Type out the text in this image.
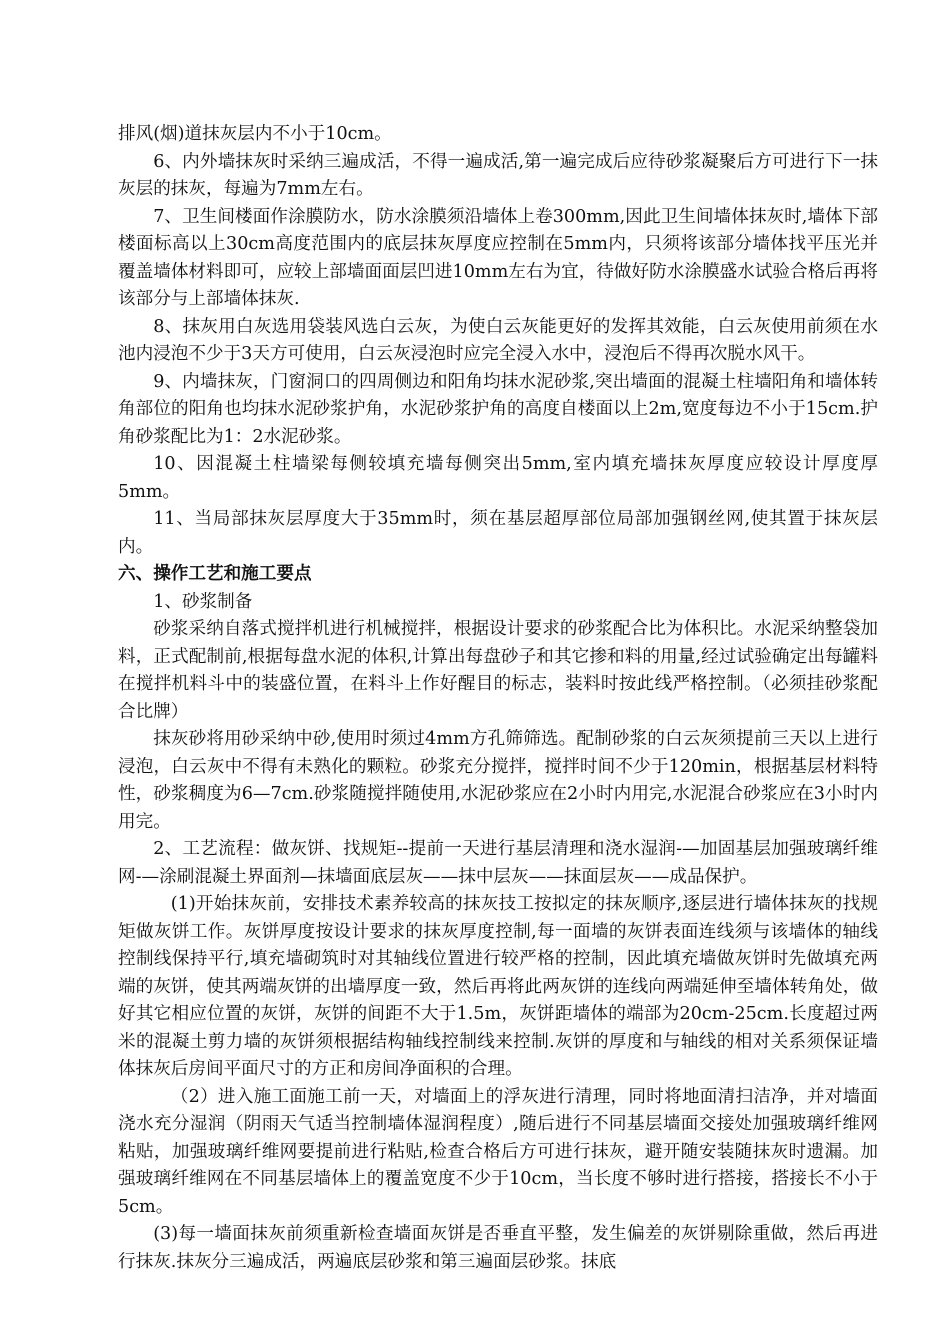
排风(烟)道抹灰层内不小于10cm。

6、内外墙抹灰时采纳三遍成活，不得一遍成活,第一遍完成后应待砂浆凝聚后方可进行下一抹灰层的抹灰，每遍为7mm左右。

7、卫生间楼面作涂膜防水，防水涂膜须沿墙体上卷300mm,因此卫生间墙体抹灰时,墙体下部楼面标高以上30cm高度范围内的底层抹灰厚度应控制在5mm内，只须将该部分墙体找平压光并覆盖墙体材料即可，应较上部墙面面层凹进10mm左右为宜，待做好防水涂膜盛水试验合格后再将该部分与上部墙体抹灰.

8、抹灰用白灰选用袋装风选白云灰，为使白云灰能更好的发挥其效能，白云灰使用前须在水池内浸泡不少于3天方可使用，白云灰浸泡时应完全浸入水中，浸泡后不得再次脱水风干。

9、内墙抹灰，门窗洞口的四周侧边和阳角均抹水泥砂浆,突出墙面的混凝土柱墙阳角和墙体转角部位的阳角也均抹水泥砂浆护角，水泥砂浆护角的高度自楼面以上2m,宽度每边不小于15cm.护角砂浆配比为1：2水泥砂浆。

10、因混凝土柱墙梁每侧较填充墙每侧突出5mm,室内填充墙抹灰厚度应较设计厚度厚5mm。

11、当局部抹灰层厚度大于35mm时，须在基层超厚部位局部加强钢丝网,使其置于抹灰层内。

六、操作工艺和施工要点

1、砂浆制备

砂浆采纳自落式搅拌机进行机械搅拌，根据设计要求的砂浆配合比为体积比。水泥采纳整袋加料，正式配制前,根据每盘水泥的体积,计算出每盘砂子和其它掺和料的用量,经过试验确定出每罐料在搅拌机料斗中的装盛位置，在料斗上作好醒目的标志，装料时按此线严格控制。（必须挂砂浆配合比牌）

抹灰砂将用砂采纳中砂,使用时须过4mm方孔筛筛选。配制砂浆的白云灰须提前三天以上进行浸泡，白云灰中不得有未熟化的颗粒。砂浆充分搅拌，搅拌时间不少于120min，根据基层材料特性，砂浆稠度为6—7cm.砂浆随搅拌随使用,水泥砂浆应在2小时内用完,水泥混合砂浆应在3小时内用完。

2、工艺流程：做灰饼、找规矩--提前一天进行基层清理和浇水湿润-—加固基层加强玻璃纤维网-—涂刷混凝土界面剂—抹墙面底层灰——抹中层灰——抹面层灰——成品保护。

(1)开始抹灰前，安排技术素养较高的抹灰技工按拟定的抹灰顺序,逐层进行墙体抹灰的找规矩做灰饼工作。灰饼厚度按设计要求的抹灰厚度控制,每一面墙的灰饼表面连线须与该墙体的轴线控制线保持平行,填充墙砌筑时对其轴线位置进行较严格的控制，因此填充墙做灰饼时先做填充两端的灰饼，使其两端灰饼的出墙厚度一致，然后再将此两灰饼的连线向两端延伸至墙体转角处，做好其它相应位置的灰饼，灰饼的间距不大于1.5m，灰饼距墙体的端部为20cm-25cm.长度超过两米的混凝土剪力墙的灰饼须根据结构轴线控制线来控制.灰饼的厚度和与轴线的相对关系须保证墙体抹灰后房间平面尺寸的方正和房间净面积的合理。

（2）进入施工面施工前一天，对墙面上的浮灰进行清理，同时将地面清扫洁净，并对墙面浇水充分湿润（阴雨天气适当控制墙体湿润程度）,随后进行不同基层墙面交接处加强玻璃纤维网粘贴，加强玻璃纤维网要提前进行粘贴,检查合格后方可进行抹灰，避开随安装随抹灰时遗漏。加强玻璃纤维网在不同基层墙体上的覆盖宽度不少于10cm，当长度不够时进行搭接，搭接长不小于5cm。

(3)每一墙面抹灰前须重新检查墙面灰饼是否垂直平整，发生偏差的灰饼剔除重做，然后再进行抹灰.抹灰分三遍成活，两遍底层砂浆和第三遍面层砂浆。抹底
